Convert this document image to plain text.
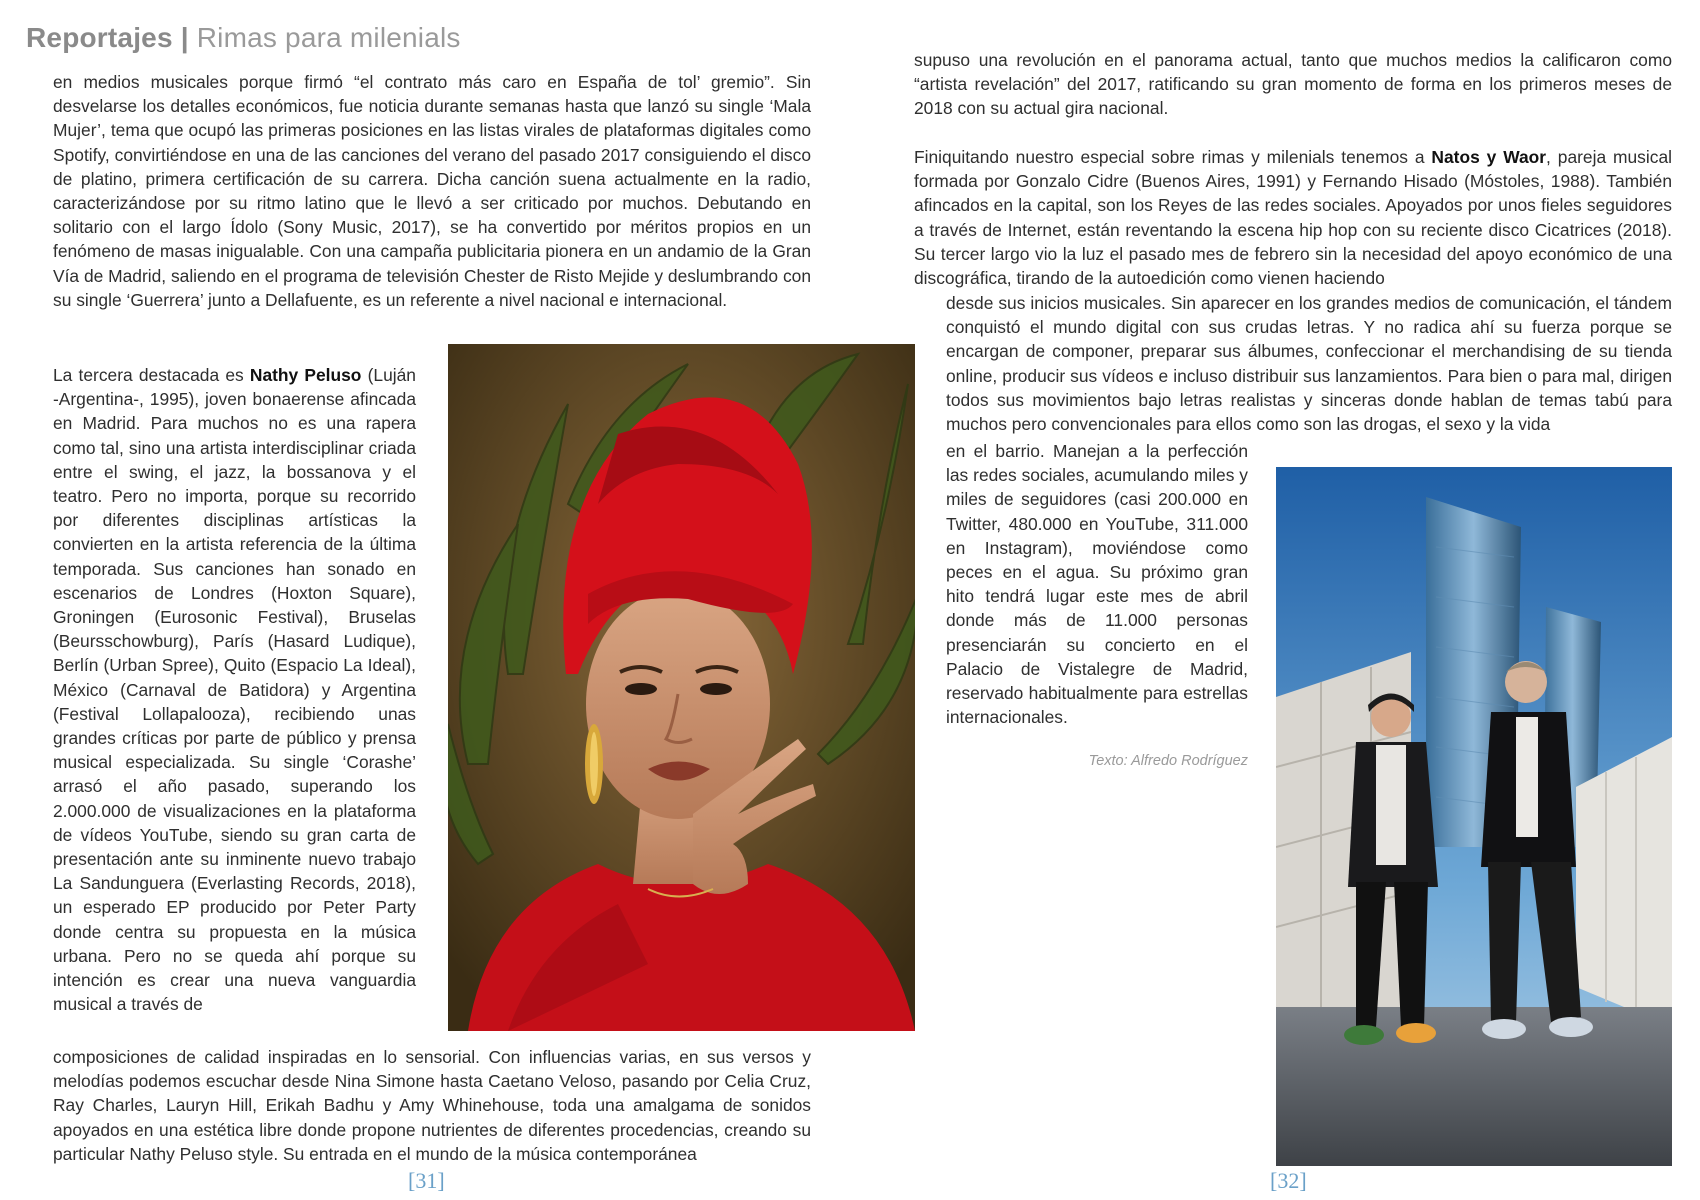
Reportajes | Rimas para milenials

en medios musicales porque firmó “el contrato más caro en España de tol’ gremio”. Sin desvelarse los detalles económicos, fue noticia durante semanas hasta que lanzó su single ‘Mala Mujer’, tema que ocupó las primeras posiciones en las listas virales de plataformas digitales como Spotify, convirtiéndose en una de las canciones del verano del pasado 2017 consiguiendo el disco de platino, primera certificación de su carrera. Dicha canción suena actualmente en la radio, caracterizándose por su ritmo latino que le llevó a ser criticado por muchos. Debutando en solitario con el largo Ídolo (Sony Music, 2017), se ha convertido por méritos propios en un fenómeno de masas inigualable. Con una campaña publicitaria pionera en un andamio de la Gran Vía de Madrid, saliendo en el programa de televisión Chester de Risto Mejide y deslumbrando con su single ‘Guerrera’ junto a Dellafuente, es un referente a nivel nacional e internacional.

La tercera destacada es Nathy Peluso (Luján -Argentina-, 1995), joven bonaerense afincada en Madrid. Para muchos no es una rapera como tal, sino una artista interdisciplinar criada entre el swing, el jazz, la bossanova y el teatro. Pero no importa, porque su recorrido por diferentes disciplinas artísticas la convierten en la artista referencia de la última temporada. Sus canciones han sonado en escenarios de Londres (Hoxton Square), Groningen (Eurosonic Festival), Bruselas (Beursschowburg), París (Hasard Ludique), Berlín (Urban Spree), Quito (Espacio La Ideal), México (Carnaval de Batidora) y Argentina (Festival Lollapalooza), recibiendo unas grandes críticas por parte de público y prensa musical especializada. Su single ‘Corashe’ arrasó el año pasado, superando los 2.000.000 de visualizaciones en la plataforma de vídeos YouTube, siendo su gran carta de presentación ante su inminente nuevo trabajo La Sandunguera (Everlasting Records, 2018), un esperado EP producido por Peter Party donde centra su propuesta en la música urbana. Pero no se queda ahí porque su intención es crear una nueva vanguardia musical a través de

composiciones de calidad inspiradas en lo sensorial. Con influencias varias, en sus versos y melodías podemos escuchar desde Nina Simone hasta Caetano Veloso, pasando por Celia Cruz, Ray Charles, Lauryn Hill, Erikah Badhu y Amy Whinehouse, toda una amalgama de sonidos apoyados en una estética libre donde propone nutrientes de diferentes procedencias, creando su particular Nathy Peluso style. Su entrada en el mundo de la música contemporánea

[31]

supuso una revolución en el panorama actual, tanto que muchos medios la calificaron como “artista revelación” del 2017, ratificando su gran momento de forma en los primeros meses de 2018 con su actual gira nacional.

Finiquitando nuestro especial sobre rimas y milenials tenemos a Natos y Waor, pareja musical formada por Gonzalo Cidre (Buenos Aires, 1991) y Fernando Hisado (Móstoles, 1988). También afincados en la capital, son los Reyes de las redes sociales. Apoyados por unos fieles seguidores a través de Internet, están reventando la escena hip hop con su reciente disco Cicatrices (2018). Su tercer largo vio la luz el pasado mes de febrero sin la necesidad del apoyo económico de una discográfica, tirando de la autoedición como vienen haciendo

desde sus inicios musicales. Sin aparecer en los grandes medios de comunicación, el tándem conquistó el mundo digital con sus crudas letras. Y no radica ahí su fuerza porque se encargan de componer, preparar sus álbumes, confeccionar el merchandising de su tienda online, producir sus vídeos e incluso distribuir sus lanzamientos. Para bien o para mal, dirigen todos sus movimientos bajo letras realistas y sinceras donde hablan de temas tabú para muchos pero convencionales para ellos como son las drogas, el sexo y la vida

en el barrio. Manejan a la perfección las redes sociales, acumulando miles y miles de seguidores (casi 200.000 en Twitter, 480.000 en YouTube, 311.000 en Instagram), moviéndose como peces en el agua. Su próximo gran hito tendrá lugar este mes de abril donde más de 11.000 personas presenciarán su concierto en el Palacio de Vistalegre de Madrid, reservado habitualmente para estrellas internacionales.

Texto: Alfredo Rodríguez
[32]
